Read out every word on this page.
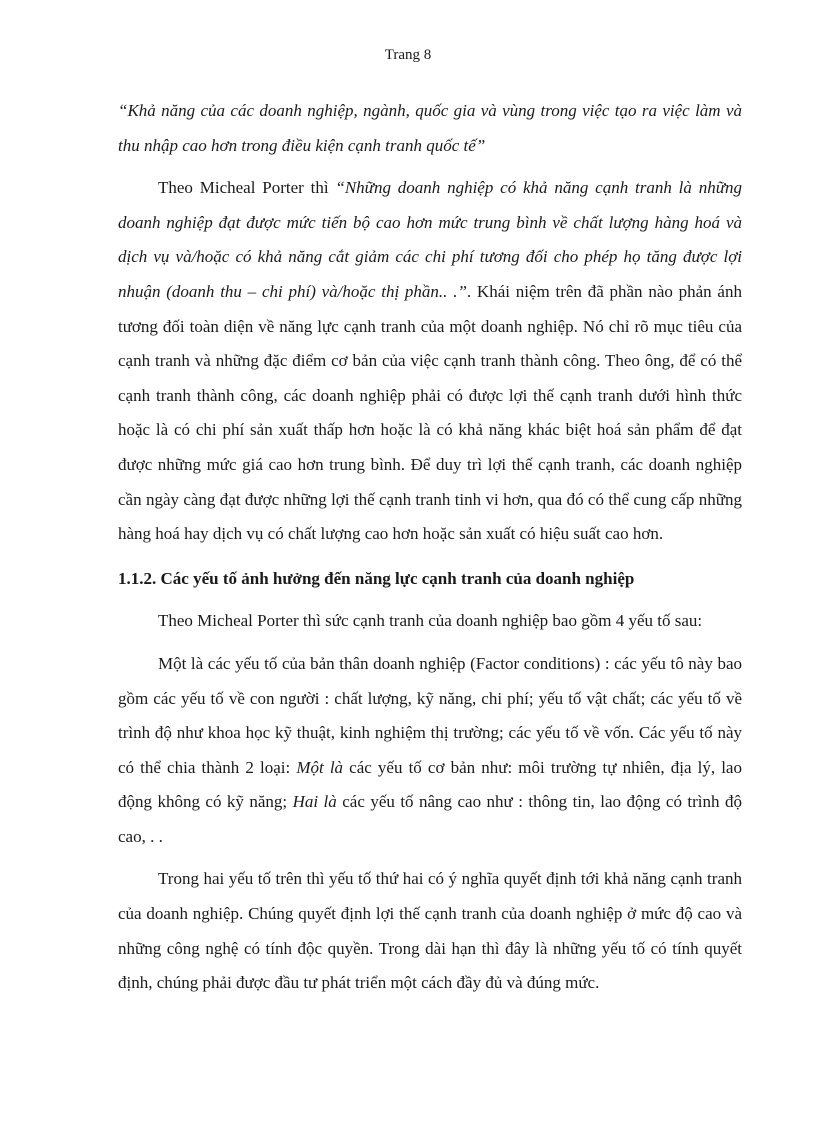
Trang 8

“Khả năng của các doanh nghiệp, ngành, quốc gia và vùng trong việc tạo ra việc làm và thu nhập cao hơn trong điều kiện cạnh tranh quốc tế”

Theo Micheal Porter thì “Những doanh nghiệp có khả năng cạnh tranh là những doanh nghiệp đạt được mức tiến bộ cao hơn mức trung bình về chất lượng hàng hoá và dịch vụ và/hoặc có khả năng cắt giảm các chi phí tương đối cho phép họ tăng được lợi nhuận (doanh thu – chi phí) và/hoặc thị phần.. .”. Khái niệm trên đã phần nào phản ánh tương đối toàn diện về năng lực cạnh tranh của một doanh nghiệp. Nó chỉ rõ mục tiêu của cạnh tranh và những đặc điểm cơ bản của việc cạnh tranh thành công. Theo ông, để có thể cạnh tranh thành công, các doanh nghiệp phải có được lợi thế cạnh tranh dưới hình thức hoặc là có chi phí sản xuất thấp hơn hoặc là có khả năng khác biệt hoá sản phẩm để đạt được những mức giá cao hơn trung bình. Để duy trì lợi thế cạnh tranh, các doanh nghiệp cần ngày càng đạt được những lợi thế cạnh tranh tinh vi hơn, qua đó có thể cung cấp những hàng hoá hay dịch vụ có chất lượng cao hơn hoặc sản xuất có hiệu suất cao hơn.

1.1.2. Các yếu tố ảnh hưởng đến năng lực cạnh tranh của doanh nghiệp

Theo Micheal Porter thì sức cạnh tranh của doanh nghiệp bao gồm 4 yếu tố sau:

Một là các yếu tố của bản thân doanh nghiệp (Factor conditions) : các yếu tô này bao gồm các yếu tố về con người : chất lượng, kỹ năng, chi phí; yếu tố vật chất; các yếu tố về trình độ như khoa học kỹ thuật, kinh nghiệm thị trường; các yếu tố về vốn. Các yếu tố này có thể chia thành 2 loại: Một là các yếu tố cơ bản như: môi trường tự nhiên, địa lý, lao động không có kỹ năng; Hai là các yếu tố nâng cao như : thông tin, lao động có trình độ cao, . .

Trong hai yếu tố trên thì yếu tố thứ hai có ý nghĩa quyết định tới khả năng cạnh tranh của doanh nghiệp. Chúng quyết định lợi thế cạnh tranh của doanh nghiệp ở mức độ cao và những công nghệ có tính độc quyền. Trong dài hạn thì đây là những yếu tố có tính quyết định, chúng phải được đầu tư phát triển một cách đầy đủ và đúng mức.
